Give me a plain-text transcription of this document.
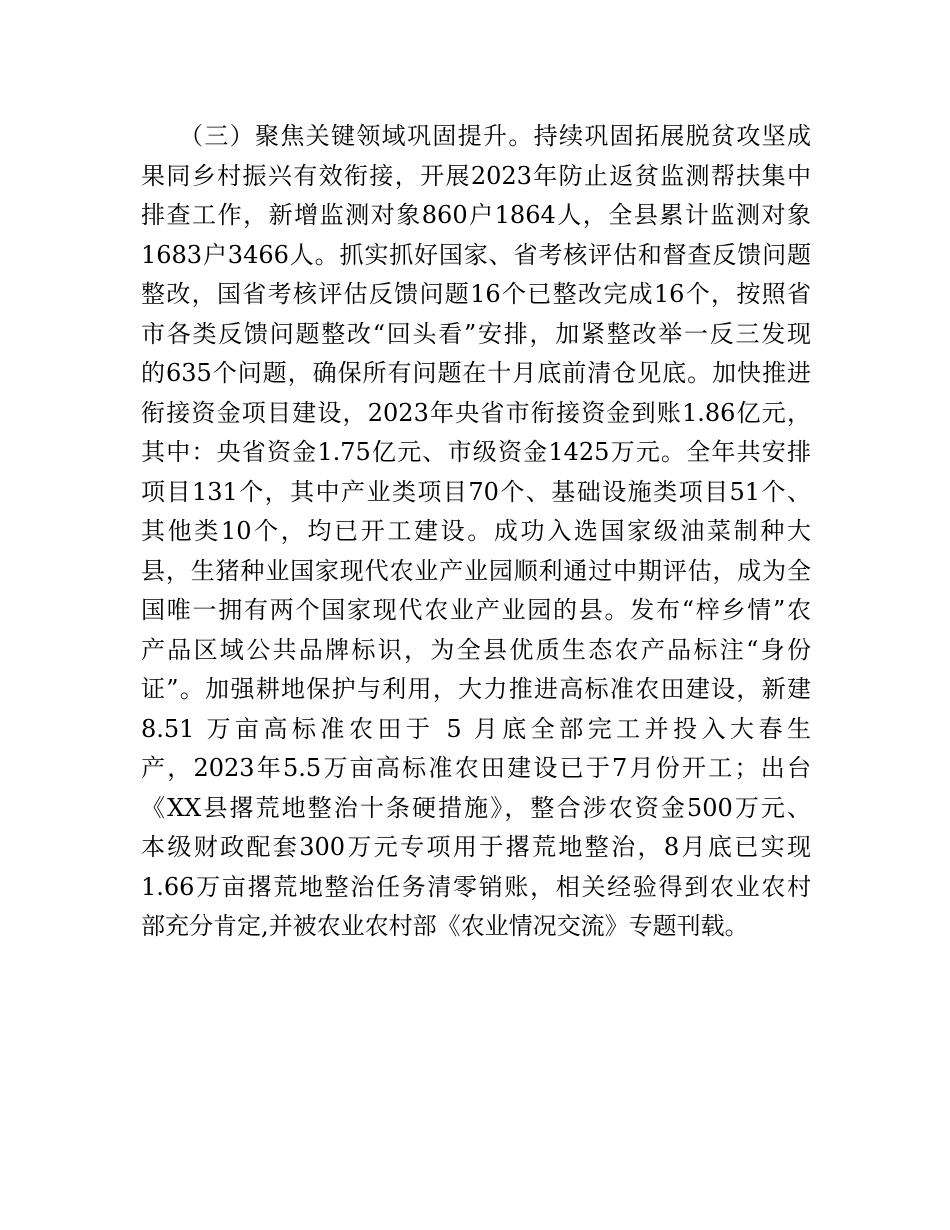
（三）聚焦关键领域巩固提升。持续巩固拓展脱贫攻坚成
果同乡村振兴有效衔接，开展2023年防止返贫监测帮扶集中
排查工作，新增监测对象860户1864人，全县累计监测对象
1683户3466人。抓实抓好国家、省考核评估和督查反馈问题
整改，国省考核评估反馈问题16个已整改完成16个，按照省
市各类反馈问题整改“回头看”安排，加紧整改举一反三发现
的635个问题，确保所有问题在十月底前清仓见底。加快推进
衔接资金项目建设，2023年央省市衔接资金到账1.86亿元，
其中：央省资金1.75亿元、市级资金1425万元。全年共安排
项目131个，其中产业类项目70个、基础设施类项目51个、
其他类10个，均已开工建设。成功入选国家级油菜制种大
县，生猪种业国家现代农业产业园顺利通过中期评估，成为全
国唯一拥有两个国家现代农业产业园的县。发布“梓乡情”农
产品区域公共品牌标识，为全县优质生态农产品标注“身份
证”。加强耕地保护与利用，大力推进高标准农田建设，新建
8.51 万亩高标准农田于 5 月底全部完工并投入大春生
产，2023年5.5万亩高标准农田建设已于7月份开工；出台
《XX县撂荒地整治十条硬措施》，整合涉农资金500万元、
本级财政配套300万元专项用于撂荒地整治，8月底已实现
1.66万亩撂荒地整治任务清零销账，相关经验得到农业农村
部充分肯定,并被农业农村部《农业情况交流》专题刊载。
